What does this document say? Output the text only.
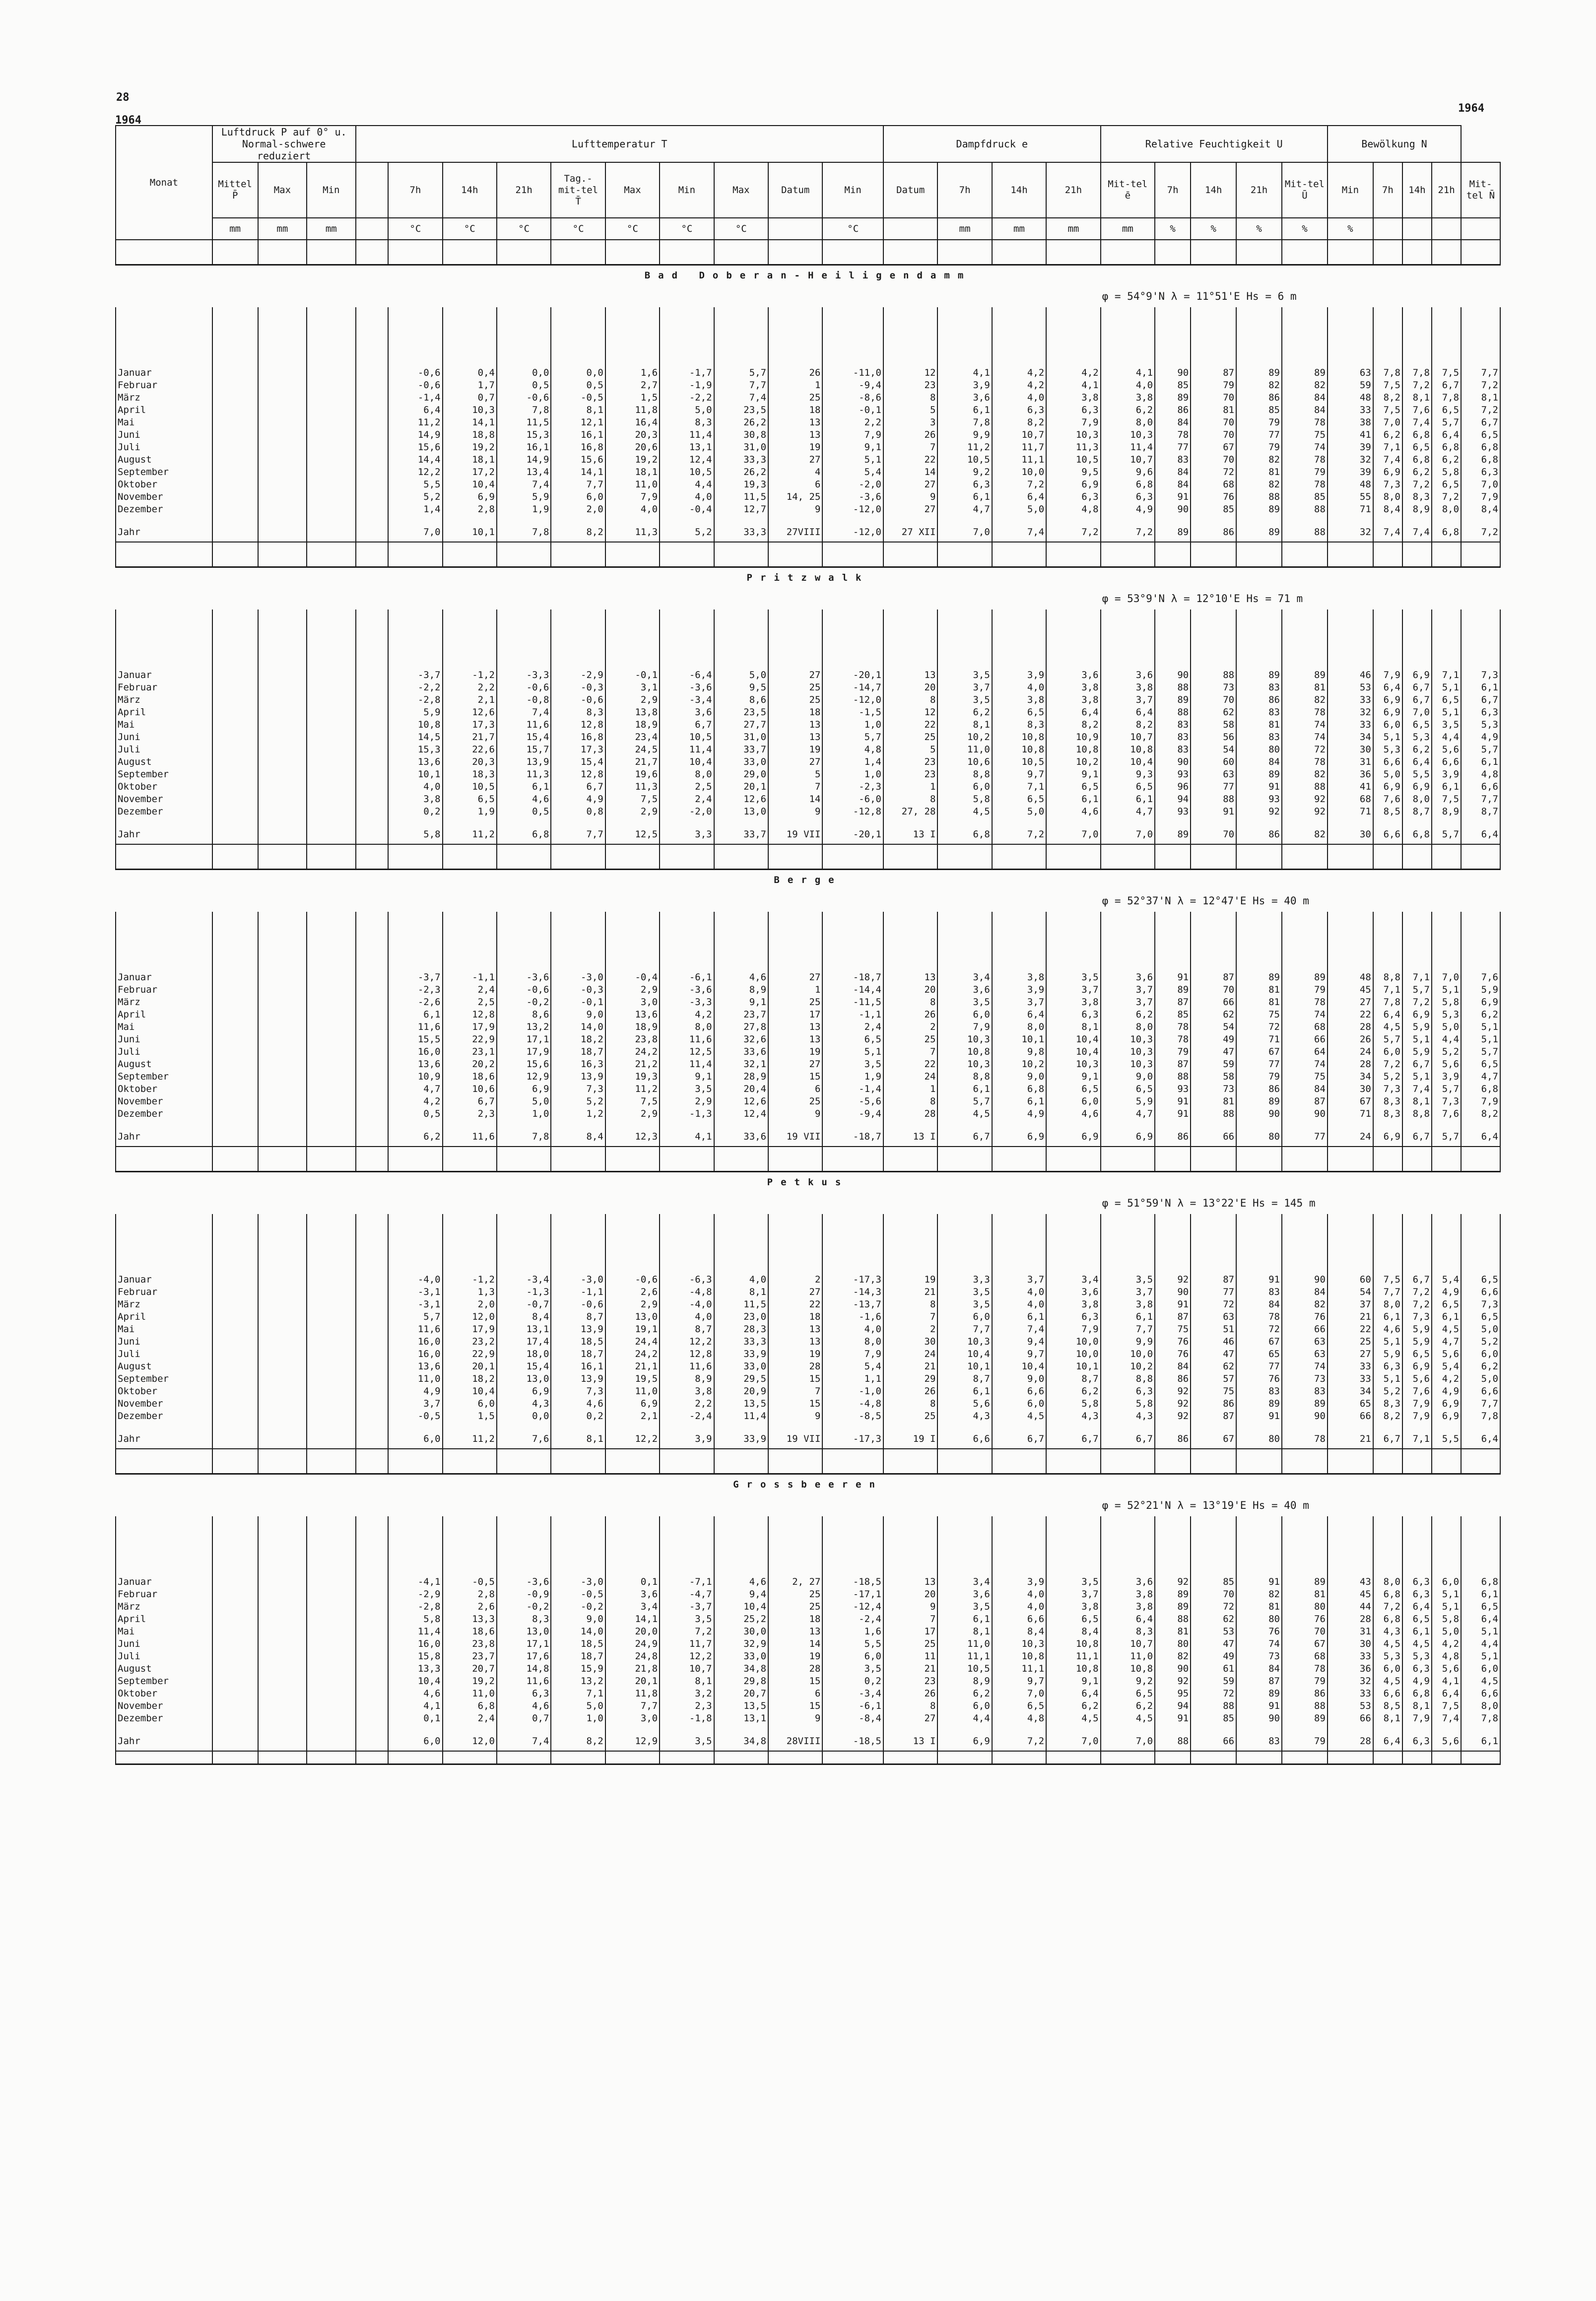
28
1964
1964
Monat	Luftdruck P auf 0° u. Normal-schwere reduziert			Lufttemperatur T										Dampfdruck e				Relative Feuchtigkeit U					Bewölkung N				
	Mittel P̄	Max	Min		7h	14h	21h	Tag.-mit-tel T̄	Max	Min	Max	Datum	Min	Datum	7h	14h	21h	Mit-tel ē	7h	14h	21h	Mit-tel Ū	Min	7h	14h	21h	Mit-tel N̄
	mm	mm	mm		°C	°C	°C	°C	°C	°C	°C		°C		mm	mm	mm	mm	%	%	%	%	%				

Bad Doberan-Heiligendamm																											
																		φ = 54°9'N λ = 11°51'E Hs = 6 m									

Januar					-0,6	0,4	0,0	0,0	1,6	-1,7	5,7	26	-11,0	12	4,1	4,2	4,2	4,1	90	87	89	89	63	7,8	7,8	7,5	7,7
Februar					-0,6	1,7	0,5	0,5	2,7	-1,9	7,7	1	-9,4	23	3,9	4,2	4,1	4,0	85	79	82	82	59	7,5	7,2	6,7	7,2
März					-1,4	0,7	-0,6	-0,5	1,5	-2,2	7,4	25	-8,6	8	3,6	4,0	3,8	3,8	89	70	86	84	48	8,2	8,1	7,8	8,1
April					6,4	10,3	7,8	8,1	11,8	5,0	23,5	18	-0,1	5	6,1	6,3	6,3	6,2	86	81	85	84	33	7,5	7,6	6,5	7,2
Mai					11,2	14,1	11,5	12,1	16,4	8,3	26,2	13	2,2	3	7,8	8,2	7,9	8,0	84	70	79	78	38	7,0	7,4	5,7	6,7
Juni					14,9	18,8	15,3	16,1	20,3	11,4	30,8	13	7,9	26	9,9	10,7	10,3	10,3	78	70	77	75	41	6,2	6,8	6,4	6,5
Juli					15,6	19,2	16,1	16,8	20,6	13,1	31,0	19	9,1	7	11,2	11,7	11,3	11,4	77	67	79	74	39	7,1	6,5	6,8	6,8
August					14,4	18,1	14,9	15,6	19,2	12,4	33,3	27	5,1	22	10,5	11,1	10,5	10,7	83	70	82	78	32	7,4	6,8	6,2	6,8
September					12,2	17,2	13,4	14,1	18,1	10,5	26,2	4	5,4	14	9,2	10,0	9,5	9,6	84	72	81	79	39	6,9	6,2	5,8	6,3
Oktober					5,5	10,4	7,4	7,7	11,0	4,4	19,3	6	-2,0	27	6,3	7,2	6,9	6,8	84	68	82	78	48	7,3	7,2	6,5	7,0
November					5,2	6,9	5,9	6,0	7,9	4,0	11,5	14, 25	-3,6	9	6,1	6,4	6,3	6,3	91	76	88	85	55	8,0	8,3	7,2	7,9
Dezember					1,4	2,8	1,9	2,0	4,0	-0,4	12,7	9	-12,0	27	4,7	5,0	4,8	4,9	90	85	89	88	71	8,4	8,9	8,0	8,4

Jahr					7,0	10,1	7,8	8,2	11,3	5,2	33,3	27VIII	-12,0	27 XII	7,0	7,4	7,2	7,2	89	86	89	88	32	7,4	7,4	6,8	7,2

Pritzwalk																											
																		φ = 53°9'N λ = 12°10'E Hs = 71 m									

Januar					-3,7	-1,2	-3,3	-2,9	-0,1	-6,4	5,0	27	-20,1	13	3,5	3,9	3,6	3,6	90	88	89	89	46	7,9	6,9	7,1	7,3
Februar					-2,2	2,2	-0,6	-0,3	3,1	-3,6	9,5	25	-14,7	20	3,7	4,0	3,8	3,8	88	73	83	81	53	6,4	6,7	5,1	6,1
März					-2,8	2,1	-0,8	-0,6	2,9	-3,4	8,6	25	-12,0	8	3,5	3,8	3,8	3,7	89	70	86	82	33	6,9	6,7	6,5	6,7
April					5,9	12,6	7,4	8,3	13,8	3,6	23,5	18	-1,5	12	6,2	6,5	6,4	6,4	88	62	83	78	32	6,9	7,0	5,1	6,3
Mai					10,8	17,3	11,6	12,8	18,9	6,7	27,7	13	1,0	22	8,1	8,3	8,2	8,2	83	58	81	74	33	6,0	6,5	3,5	5,3
Juni					14,5	21,7	15,4	16,8	23,4	10,5	31,0	13	5,7	25	10,2	10,8	10,9	10,7	83	56	83	74	34	5,1	5,3	4,4	4,9
Juli					15,3	22,6	15,7	17,3	24,5	11,4	33,7	19	4,8	5	11,0	10,8	10,8	10,8	83	54	80	72	30	5,3	6,2	5,6	5,7
August					13,6	20,3	13,9	15,4	21,7	10,4	33,0	27	1,4	23	10,6	10,5	10,2	10,4	90	60	84	78	31	6,6	6,4	6,6	6,1
September					10,1	18,3	11,3	12,8	19,6	8,0	29,0	5	1,0	23	8,8	9,7	9,1	9,3	93	63	89	82	36	5,0	5,5	3,9	4,8
Oktober					4,0	10,5	6,1	6,7	11,3	2,5	20,1	7	-2,3	1	6,0	7,1	6,5	6,5	96	77	91	88	41	6,9	6,9	6,1	6,6
November					3,8	6,5	4,6	4,9	7,5	2,4	12,6	14	-6,0	8	5,8	6,5	6,1	6,1	94	88	93	92	68	7,6	8,0	7,5	7,7
Dezember					0,2	1,9	0,5	0,8	2,9	-2,0	13,0	9	-12,8	27, 28	4,5	5,0	4,6	4,7	93	91	92	92	71	8,5	8,7	8,9	8,7

Jahr					5,8	11,2	6,8	7,7	12,5	3,3	33,7	19 VII	-20,1	13 I	6,8	7,2	7,0	7,0	89	70	86	82	30	6,6	6,8	5,7	6,4

Berge																											
																		φ = 52°37'N λ = 12°47'E Hs = 40 m									

Januar					-3,7	-1,1	-3,6	-3,0	-0,4	-6,1	4,6	27	-18,7	13	3,4	3,8	3,5	3,6	91	87	89	89	48	8,8	7,1	7,0	7,6
Februar					-2,3	2,4	-0,6	-0,3	2,9	-3,6	8,9	1	-14,4	20	3,6	3,9	3,7	3,7	89	70	81	79	45	7,1	5,7	5,1	5,9
März					-2,6	2,5	-0,2	-0,1	3,0	-3,3	9,1	25	-11,5	8	3,5	3,7	3,8	3,7	87	66	81	78	27	7,8	7,2	5,8	6,9
April					6,1	12,8	8,6	9,0	13,6	4,2	23,7	17	-1,1	26	6,0	6,4	6,3	6,2	85	62	75	74	22	6,4	6,9	5,3	6,2
Mai					11,6	17,9	13,2	14,0	18,9	8,0	27,8	13	2,4	2	7,9	8,0	8,1	8,0	78	54	72	68	28	4,5	5,9	5,0	5,1
Juni					15,5	22,9	17,1	18,2	23,8	11,6	32,6	13	6,5	25	10,3	10,1	10,4	10,3	78	49	71	66	26	5,7	5,1	4,4	5,1
Juli					16,0	23,1	17,9	18,7	24,2	12,5	33,6	19	5,1	7	10,8	9,8	10,4	10,3	79	47	67	64	24	6,0	5,9	5,2	5,7
August					13,6	20,2	15,6	16,3	21,2	11,4	32,1	27	3,5	22	10,3	10,2	10,3	10,3	87	59	77	74	28	7,2	6,7	5,6	6,5
September					10,9	18,6	12,9	13,9	19,3	9,1	28,9	15	1,9	24	8,8	9,0	9,1	9,0	88	58	79	75	34	5,2	5,1	3,9	4,7
Oktober					4,7	10,6	6,9	7,3	11,2	3,5	20,4	6	-1,4	1	6,1	6,8	6,5	6,5	93	73	86	84	30	7,3	7,4	5,7	6,8
November					4,2	6,7	5,0	5,2	7,5	2,9	12,6	25	-5,6	8	5,7	6,1	6,0	5,9	91	81	89	87	67	8,3	8,1	7,3	7,9
Dezember					0,5	2,3	1,0	1,2	2,9	-1,3	12,4	9	-9,4	28	4,5	4,9	4,6	4,7	91	88	90	90	71	8,3	8,8	7,6	8,2

Jahr					6,2	11,6	7,8	8,4	12,3	4,1	33,6	19 VII	-18,7	13 I	6,7	6,9	6,9	6,9	86	66	80	77	24	6,9	6,7	5,7	6,4

Petkus																											
																		φ = 51°59'N λ = 13°22'E Hs = 145 m									

Januar					-4,0	-1,2	-3,4	-3,0	-0,6	-6,3	4,0	2	-17,3	19	3,3	3,7	3,4	3,5	92	87	91	90	60	7,5	6,7	5,4	6,5
Februar					-3,1	1,3	-1,3	-1,1	2,6	-4,8	8,1	27	-14,3	21	3,5	4,0	3,6	3,7	90	77	83	84	54	7,7	7,2	4,9	6,6
März					-3,1	2,0	-0,7	-0,6	2,9	-4,0	11,5	22	-13,7	8	3,5	4,0	3,8	3,8	91	72	84	82	37	8,0	7,2	6,5	7,3
April					5,7	12,0	8,4	8,7	13,0	4,0	23,0	18	-1,6	7	6,0	6,1	6,3	6,1	87	63	78	76	21	6,1	7,3	6,1	6,5
Mai					11,6	17,9	13,1	13,9	19,1	8,7	28,3	13	4,0	2	7,7	7,4	7,9	7,7	75	51	72	66	22	4,6	5,9	4,5	5,0
Juni					16,0	23,2	17,4	18,5	24,4	12,2	33,3	13	8,0	30	10,3	9,4	10,0	9,9	76	46	67	63	25	5,1	5,9	4,7	5,2
Juli					16,0	22,9	18,0	18,7	24,2	12,8	33,9	19	7,9	24	10,4	9,7	10,0	10,0	76	47	65	63	27	5,9	6,5	5,6	6,0
August					13,6	20,1	15,4	16,1	21,1	11,6	33,0	28	5,4	21	10,1	10,4	10,1	10,2	84	62	77	74	33	6,3	6,9	5,4	6,2
September					11,0	18,2	13,0	13,9	19,5	8,9	29,5	15	1,1	29	8,7	9,0	8,7	8,8	86	57	76	73	33	5,1	5,6	4,2	5,0
Oktober					4,9	10,4	6,9	7,3	11,0	3,8	20,9	7	-1,0	26	6,1	6,6	6,2	6,3	92	75	83	83	34	5,2	7,6	4,9	6,6
November					3,7	6,0	4,3	4,6	6,9	2,2	13,5	15	-4,8	8	5,6	6,0	5,8	5,8	92	86	89	89	65	8,3	7,9	6,9	7,7
Dezember					-0,5	1,5	0,0	0,2	2,1	-2,4	11,4	9	-8,5	25	4,3	4,5	4,3	4,3	92	87	91	90	66	8,2	7,9	6,9	7,8

Jahr					6,0	11,2	7,6	8,1	12,2	3,9	33,9	19 VII	-17,3	19 I	6,6	6,7	6,7	6,7	86	67	80	78	21	6,7	7,1	5,5	6,4

Grossbeeren																											
																		φ = 52°21'N λ = 13°19'E Hs = 40 m									

Januar					-4,1	-0,5	-3,6	-3,0	0,1	-7,1	4,6	2, 27	-18,5	13	3,4	3,9	3,5	3,6	92	85	91	89	43	8,0	6,3	6,0	6,8
Februar					-2,9	2,8	-0,9	-0,5	3,6	-4,7	9,4	25	-17,1	20	3,6	4,0	3,7	3,8	89	70	82	81	45	6,8	6,3	5,1	6,1
März					-2,8	2,6	-0,2	-0,2	3,4	-3,7	10,4	25	-12,4	9	3,5	4,0	3,8	3,8	89	72	81	80	44	7,2	6,4	5,1	6,5
April					5,8	13,3	8,3	9,0	14,1	3,5	25,2	18	-2,4	7	6,1	6,6	6,5	6,4	88	62	80	76	28	6,8	6,5	5,8	6,4
Mai					11,4	18,6	13,0	14,0	20,0	7,2	30,0	13	1,6	17	8,1	8,4	8,4	8,3	81	53	76	70	31	4,3	6,1	5,0	5,1
Juni					16,0	23,8	17,1	18,5	24,9	11,7	32,9	14	5,5	25	11,0	10,3	10,8	10,7	80	47	74	67	30	4,5	4,5	4,2	4,4
Juli					15,8	23,7	17,6	18,7	24,8	12,2	33,0	19	6,0	11	11,1	10,8	11,1	11,0	82	49	73	68	33	5,3	5,3	4,8	5,1
August					13,3	20,7	14,8	15,9	21,8	10,7	34,8	28	3,5	21	10,5	11,1	10,8	10,8	90	61	84	78	36	6,0	6,3	5,6	6,0
September					10,4	19,2	11,6	13,2	20,1	8,1	29,8	15	0,2	23	8,9	9,7	9,1	9,2	92	59	87	79	32	4,5	4,9	4,1	4,5
Oktober					4,6	11,0	6,3	7,1	11,8	3,2	20,7	6	-3,4	26	6,2	7,0	6,4	6,5	95	72	89	86	33	6,6	6,8	6,4	6,6
November					4,1	6,8	4,6	5,0	7,7	2,3	13,5	15	-6,1	8	6,0	6,5	6,2	6,2	94	88	91	88	53	8,5	8,1	7,5	8,0
Dezember					0,1	2,4	0,7	1,0	3,0	-1,8	13,1	9	-8,4	27	4,4	4,8	4,5	4,5	91	85	90	89	66	8,1	7,9	7,4	7,8

Jahr					6,0	12,0	7,4	8,2	12,9	3,5	34,8	28VIII	-18,5	13 I	6,9	7,2	7,0	7,0	88	66	83	79	28	6,4	6,3	5,6	6,1
